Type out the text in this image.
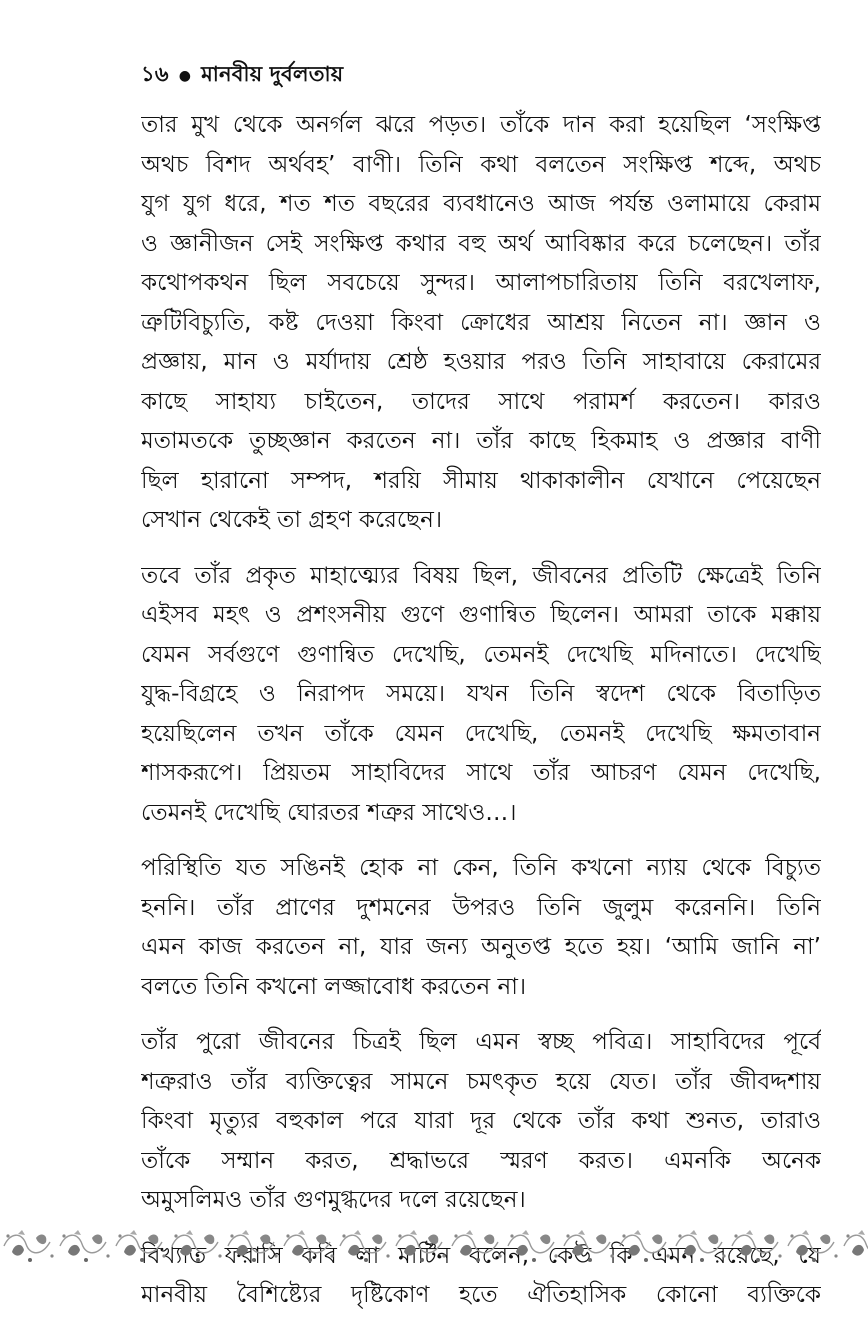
১৬ ● মানবীয় দুর্বলতায়
তার মুখ থেকে অনর্গল ঝরে পড়ত। তাঁকে দান করা হয়েছিল ‘সংক্ষিপ্ত
অথচ বিশদ অর্থবহ’ বাণী। তিনি কথা বলতেন সংক্ষিপ্ত শব্দে, অথচ
যুগ যুগ ধরে, শত শত বছরের ব্যবধানেও আজ পর্যন্ত ওলামায়ে কেরাম
ও জ্ঞানীজন সেই সংক্ষিপ্ত কথার বহু অর্থ আবিষ্কার করে চলেছেন। তাঁর
কথোপকথন ছিল সবচেয়ে সুন্দর। আলাপচারিতায় তিনি বরখেলাফ,
ত্রুটিবিচ্যুতি, কষ্ট দেওয়া কিংবা ক্রোধের আশ্রয় নিতেন না। জ্ঞান ও
প্রজ্ঞায়, মান ও মর্যাদায় শ্রেষ্ঠ হওয়ার পরও তিনি সাহাবায়ে কেরামের
কাছে সাহায্য চাইতেন, তাদের সাথে পরামর্শ করতেন। কারও
মতামতকে তুচ্ছজ্ঞান করতেন না। তাঁর কাছে হিকমাহ ও প্রজ্ঞার বাণী
ছিল হারানো সম্পদ, শরয়ি সীমায় থাকাকালীন যেখানে পেয়েছেন
সেখান থেকেই তা গ্রহণ করেছেন।
তবে তাঁর প্রকৃত মাহাত্ম্যের বিষয় ছিল, জীবনের প্রতিটি ক্ষেত্রেই তিনি
এইসব মহৎ ও প্রশংসনীয় গুণে গুণান্বিত ছিলেন। আমরা তাকে মক্কায়
যেমন সর্বগুণে গুণান্বিত দেখেছি, তেমনই দেখেছি মদিনাতে। দেখেছি
যুদ্ধ-বিগ্রহে ও নিরাপদ সময়ে। যখন তিনি স্বদেশ থেকে বিতাড়িত
হয়েছিলেন তখন তাঁকে যেমন দেখেছি, তেমনই দেখেছি ক্ষমতাবান
শাসকরূপে। প্রিয়তম সাহাবিদের সাথে তাঁর আচরণ যেমন দেখেছি,
তেমনই দেখেছি ঘোরতর শত্রুর সাথেও…।
পরিস্থিতি যত সঙিনই হোক না কেন, তিনি কখনো ন্যায় থেকে বিচ্যুত
হননি। তাঁর প্রাণের দুশমনের উপরও তিনি জুলুম করেননি। তিনি
এমন কাজ করতেন না, যার জন্য অনুতপ্ত হতে হয়। ‘আমি জানি না’
বলতে তিনি কখনো লজ্জাবোধ করতেন না।
তাঁর পুরো জীবনের চিত্রই ছিল এমন স্বচ্ছ পবিত্র। সাহাবিদের পূর্বে
শত্রুরাও তাঁর ব্যক্তিত্বের সামনে চমৎকৃত হয়ে যেত। তাঁর জীবদ্দশায়
কিংবা মৃত্যুর বহুকাল পরে যারা দূর থেকে তাঁর কথা শুনত, তারাও
তাঁকে সম্মান করত, শ্রদ্ধাভরে স্মরণ করত। এমনকি অনেক
অমুসলিমও তাঁর গুণমুগ্ধদের দলে রয়েছেন।
মানবীয় বৈশিষ্ট্যের দৃষ্টিকোণ হতে ঐতিহাসিক কোনো ব্যক্তিকে
